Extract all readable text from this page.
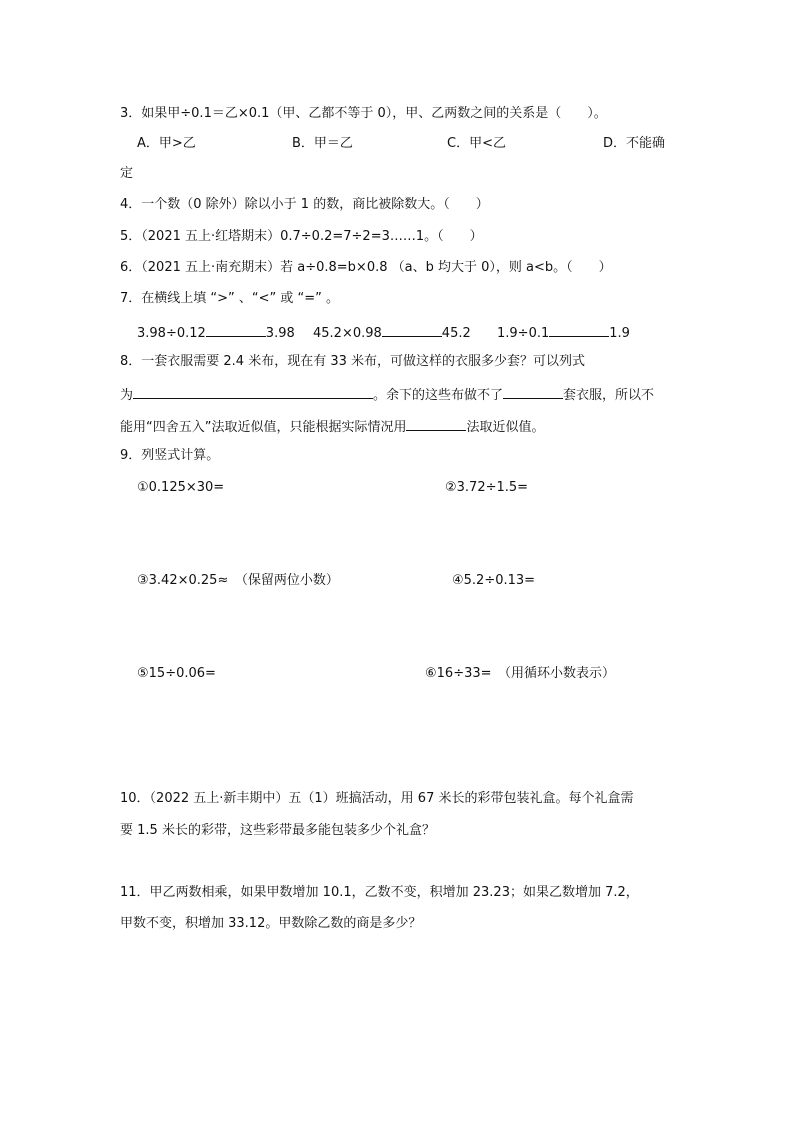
3．如果甲÷0.1＝乙×0.1（甲、乙都不等于 0），甲、乙两数之间的关系是（　　）。
A．甲>乙	B．甲＝乙	C．甲<乙	D．不能确
定
4．一个数（0 除外）除以小于 1 的数，商比被除数大。（　　）
5．（2021 五上·红塔期末）0.7÷0.2=7÷2=3……1。（　　）
6．（2021 五上·南充期末）若 a÷0.8=b×0.8 （a、b 均大于 0），则 a<b。（　　）
7．在横线上填 “>” 、“<” 或 “=” 。
3.98÷0.12	3.98 45.2×0.98	45.2 1.9÷0.1	1.9
8．一套衣服需要 2.4 米布，现在有 33 米布，可做这样的衣服多少套？可以列式
为	。余下的这些布做不了	套衣服，所以不
能用“四舍五入”法取近似值，只能根据实际情况用	法取近似值。
9．列竖式计算。
①0.125×30=	②3.72÷1.5=
③3.42×0.25≈　（保留两位小数）	④5.2÷0.13=
⑤15÷0.06=	⑥16÷33=　（用循环小数表示）
10．（2022 五上·新丰期中）五（1）班搞活动，用 67 米长的彩带包装礼盒。每个礼盒需
要 1.5 米长的彩带，这些彩带最多能包装多少个礼盒？
11．甲乙两数相乘，如果甲数增加 10.1，乙数不变，积增加 23.23；如果乙数增加 7.2，
甲数不变，积增加 33.12。甲数除乙数的商是多少？
